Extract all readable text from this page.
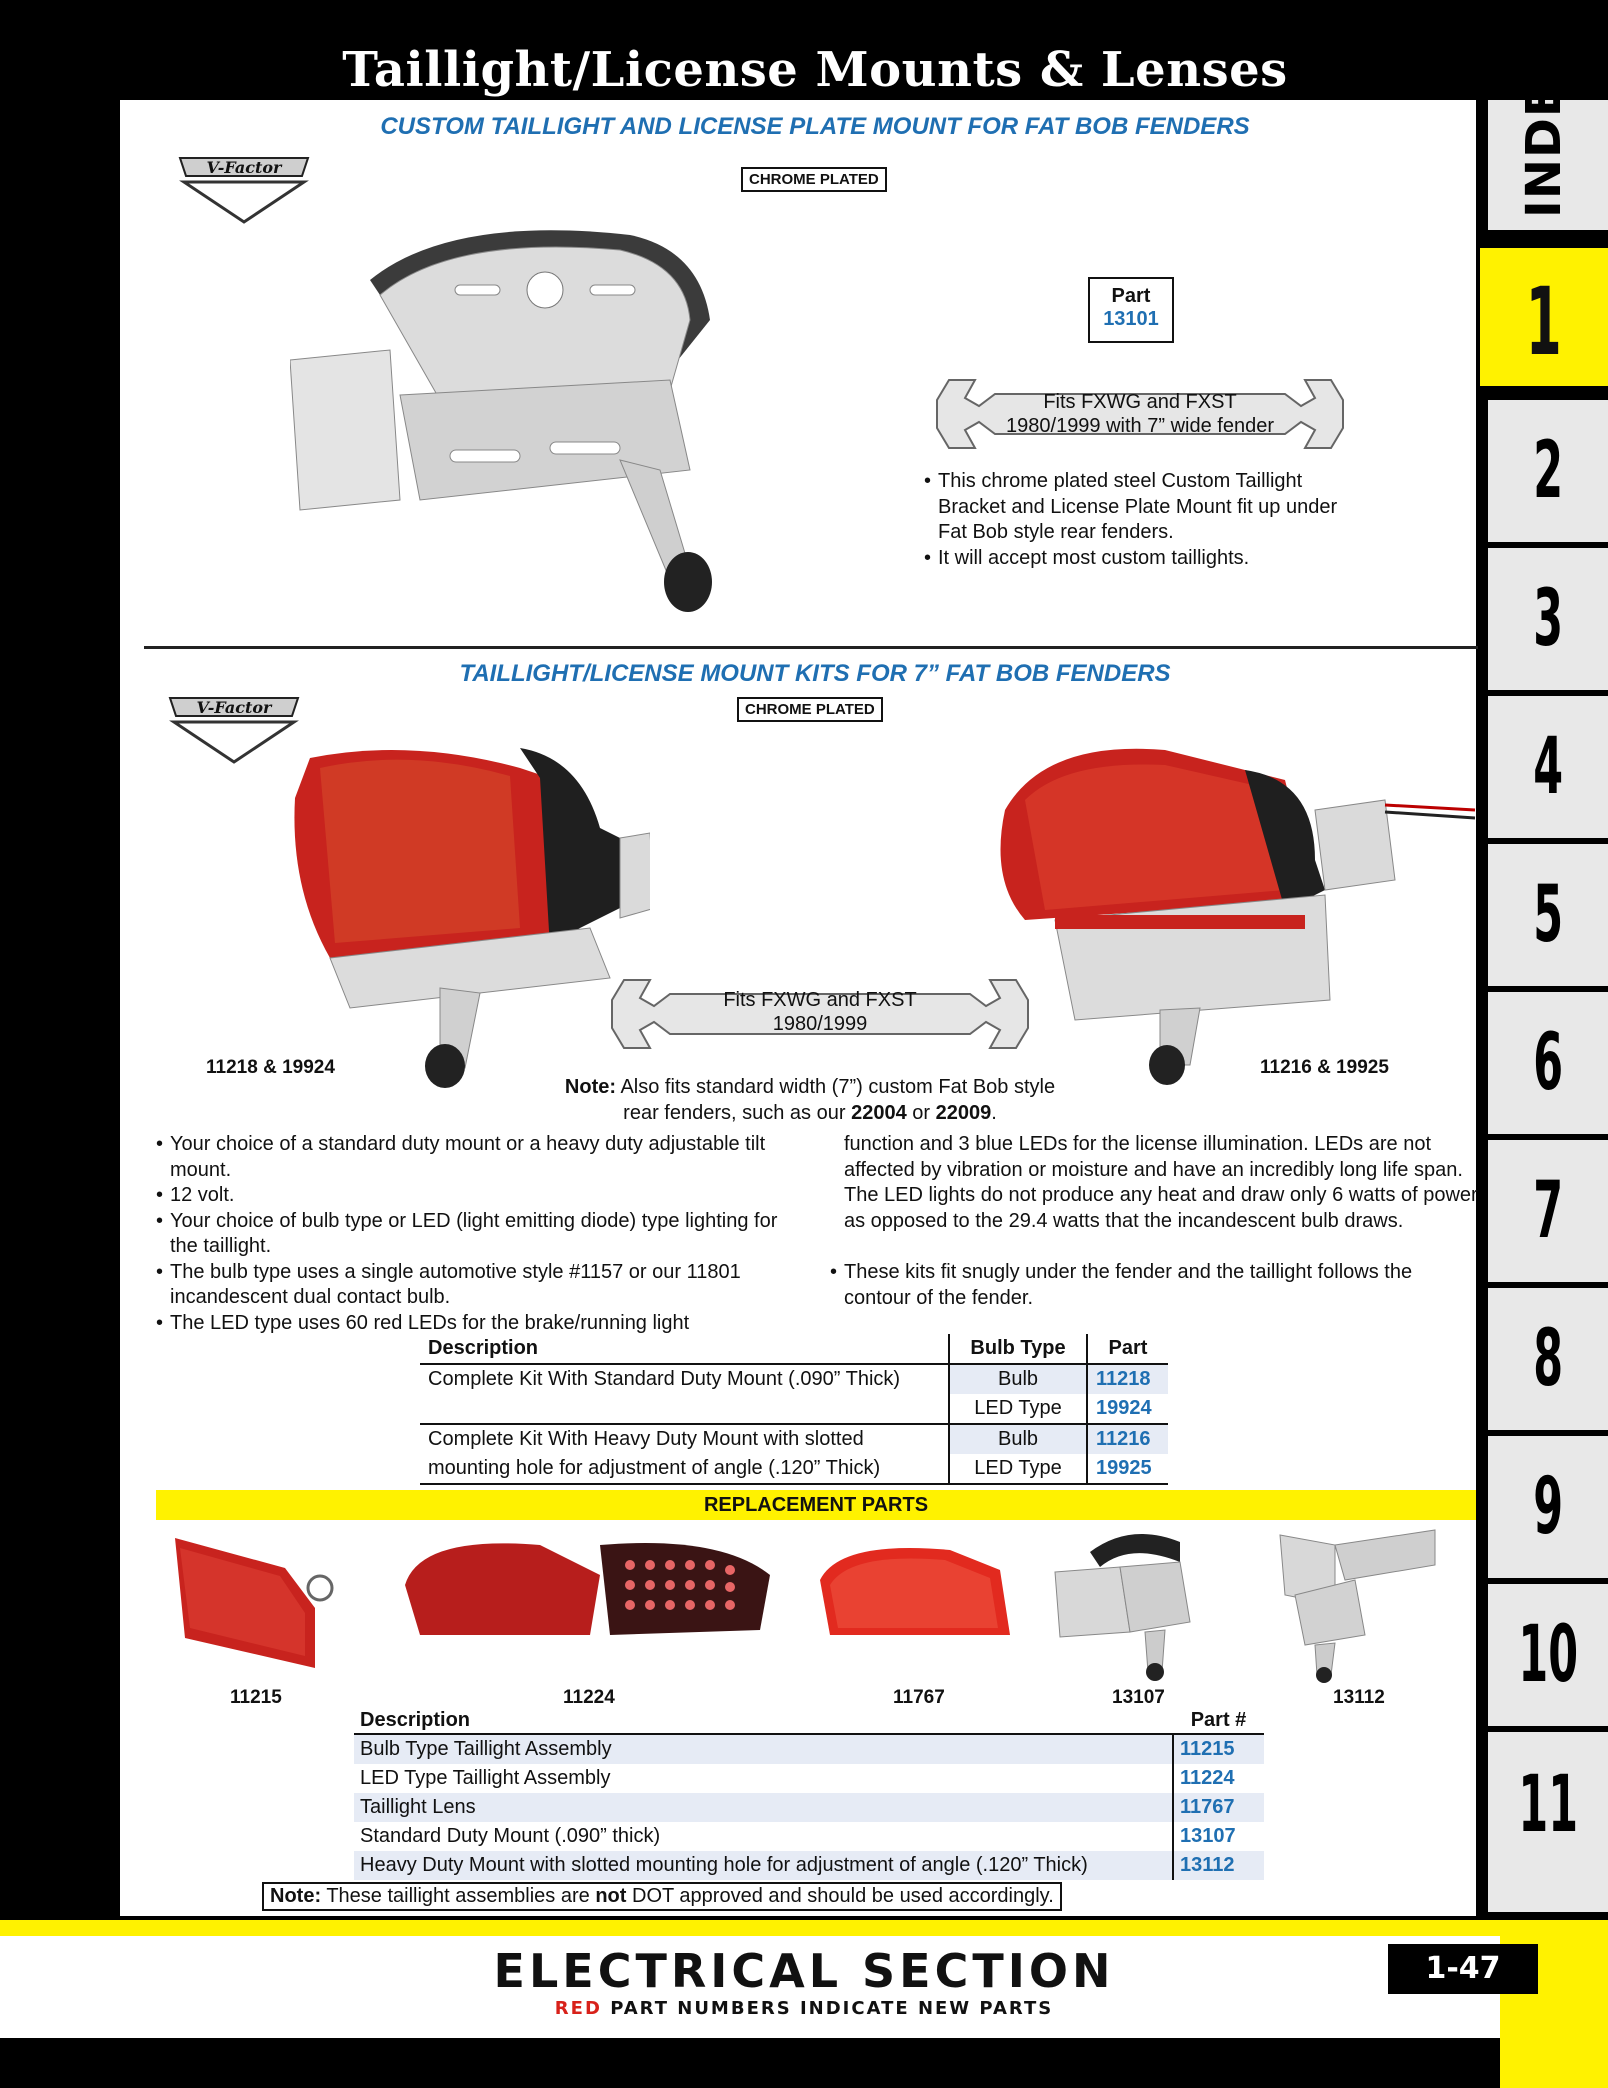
Taillight/License Mounts & Lenses
CUSTOM TAILLIGHT AND LICENSE PLATE MOUNT FOR FAT BOB FENDERS
V-Factor
CHROME PLATED
Part
13101
Fits FXWG and FXST
1980/1999 with 7” wide fender
• This chrome plated steel Custom Taillight Bracket and License Plate Mount fit up under Fat Bob style rear fenders.
• It will accept most custom taillights.
TAILLIGHT/LICENSE MOUNT KITS FOR 7” FAT BOB FENDERS
V-Factor	CHROME PLATED
Fits FXWG and FXST
1980/1999
11218 & 19924	11216 & 19925
Note: Also fits standard width (7”) custom Fat Bob style
rear fenders, such as our 22004 or 22009.
• Your choice of a standard duty mount or a heavy duty adjustable tilt mount.
• 12 volt.
• Your choice of bulb type or LED (light emitting diode) type lighting for the taillight.
• The bulb type uses a single automotive style #1157 or our 11801 incandescent dual contact bulb.
• The LED type uses 60 red LEDs for the brake/running light
function and 3 blue LEDs for the license illumination. LEDs are not affected by vibration or moisture and have an incredibly long life span. The LED lights do not produce any heat and draw only 6 watts of power as opposed to the 29.4 watts that the incandescent bulb draws.
• These kits fit snugly under the fender and the taillight follows the contour of the fender.
Description	Bulb Type	Part
Complete Kit With Standard Duty Mount (.090” Thick)	Bulb	11218
	LED Type	19924
Complete Kit With Heavy Duty Mount with slotted	Bulb	11216
mounting hole for adjustment of angle (.120” Thick)	LED Type	19925
REPLACEMENT PARTS
11215	11224	11767	13107	13112
Description	Part #
Bulb Type Taillight Assembly	11215
LED Type Taillight Assembly	11224
Taillight Lens	11767
Standard Duty Mount (.090” thick)	13107
Heavy Duty Mount with slotted mounting hole for adjustment of angle (.120” Thick)	13112
Note: These taillight assemblies are not DOT approved and should be used accordingly.
INDEX
1
2
3
4
5
6
7
8
9
10
11
ELECTRICAL SECTION
RED PART NUMBERS INDICATE NEW PARTS
1-47
